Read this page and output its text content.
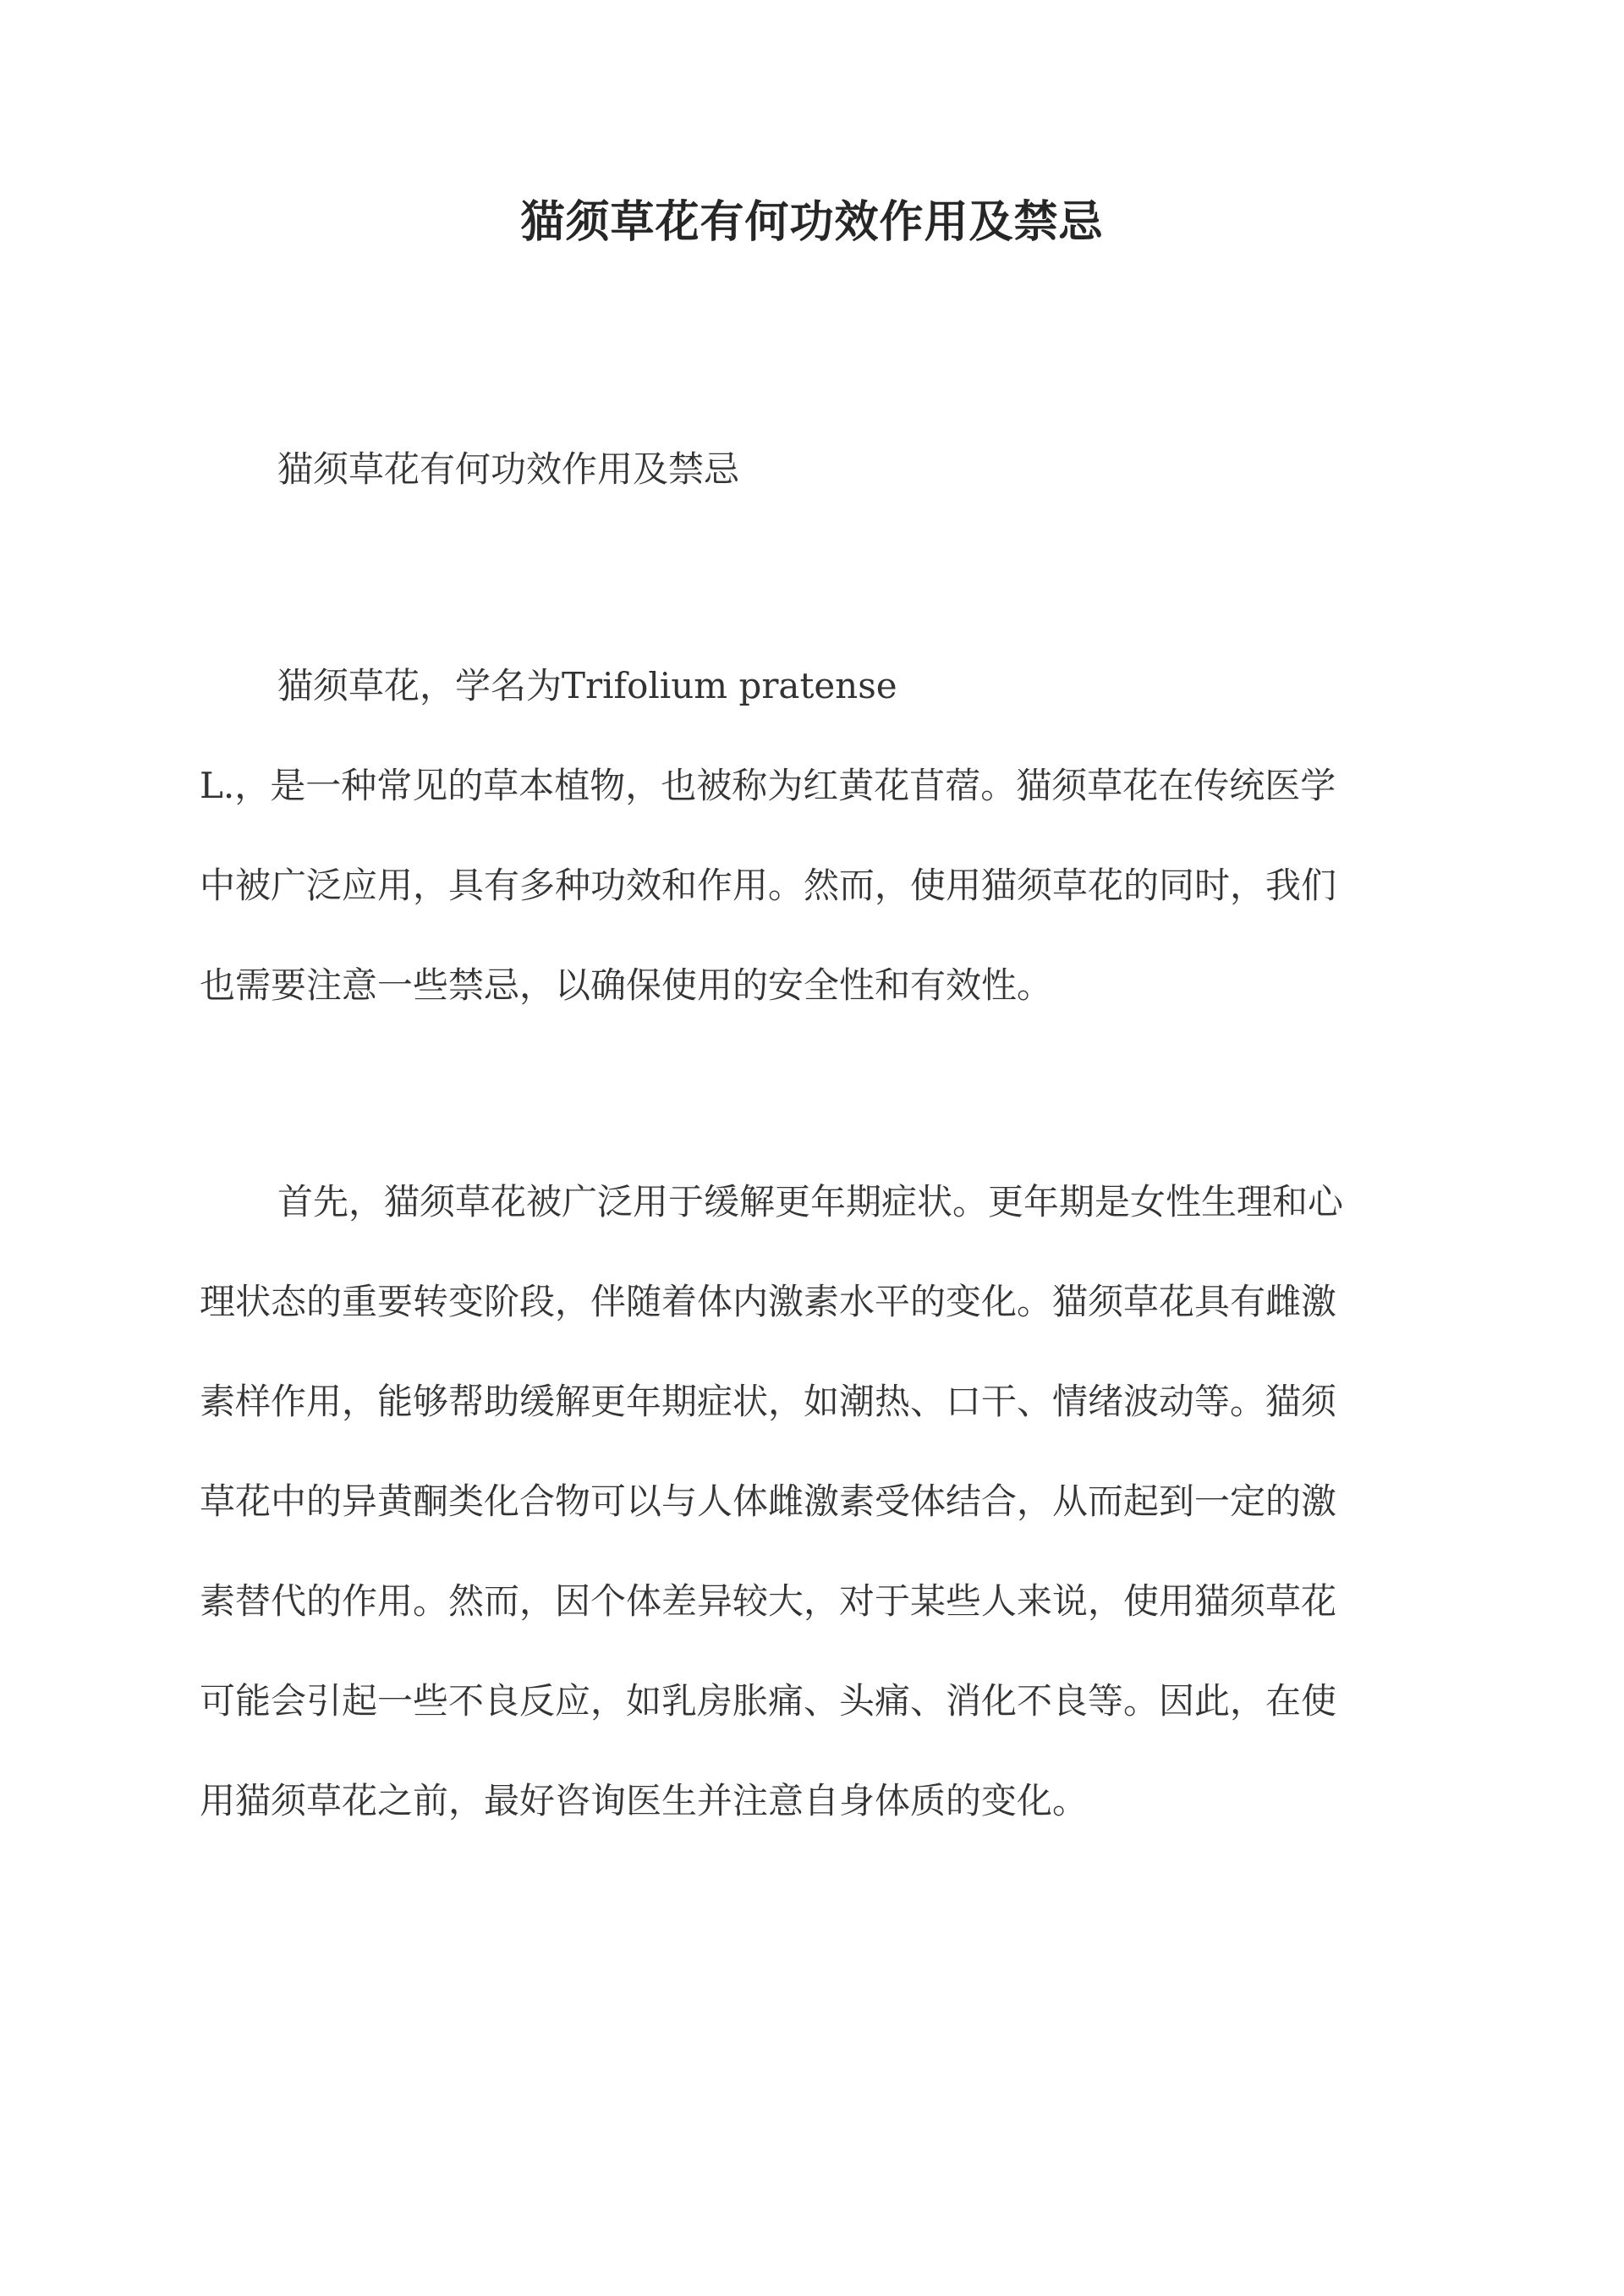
猫须草花有何功效作用及禁忌
猫须草花有何功效作用及禁忌
猫须草花，学名为Trifolium pratense
L.，是一种常见的草本植物，也被称为红黄花苜蓿。猫须草花在传统医学
中被广泛应用，具有多种功效和作用。然而，使用猫须草花的同时，我们
也需要注意一些禁忌，以确保使用的安全性和有效性。
首先，猫须草花被广泛用于缓解更年期症状。更年期是女性生理和心
理状态的重要转变阶段，伴随着体内激素水平的变化。猫须草花具有雌激
素样作用，能够帮助缓解更年期症状，如潮热、口干、情绪波动等。猫须
草花中的异黄酮类化合物可以与人体雌激素受体结合，从而起到一定的激
素替代的作用。然而，因个体差异较大，对于某些人来说，使用猫须草花
可能会引起一些不良反应，如乳房胀痛、头痛、消化不良等。因此，在使
用猫须草花之前，最好咨询医生并注意自身体质的变化。
